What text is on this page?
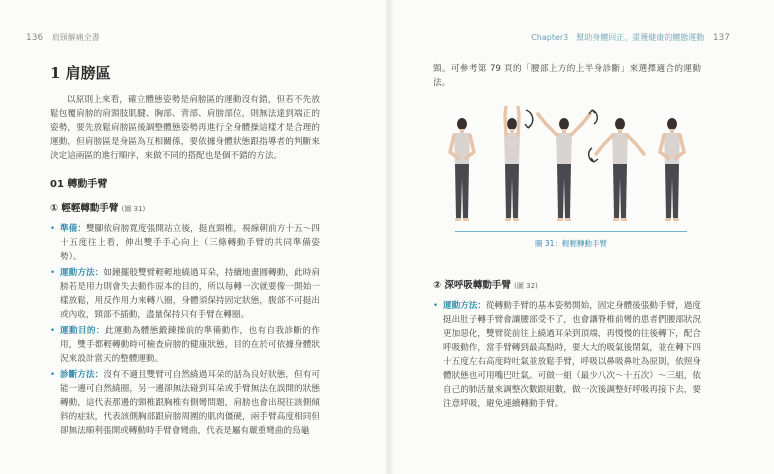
136 肩頸解痛全書	Chapter3　幫助身體回正、重獲健康的體態運動 137
1 肩膀區

以原則上來看，確立體態姿勢是肩膀區的運動沒有錯，但若不先放鬆包覆肩膀的肩頸肢肌腱、胸部、背部、肩膀部位，則無法達到端正的姿勢，要先放鬆肩膀區後調整體態姿勢再進行全身體操這樣才是合理的運動，但肩膀區是身區為互相關係，要依據身體狀態跟指導者的判斷來決定這兩區的進行順序，來做不同的搭配也是個不錯的方法。

01 轉動手臂
① 輕輕轉動手臂 (圖 31)
• 準備：雙腳依肩膀寬度張開站立後，挺直頸椎，視線朝前方十五～四十五度往上看，伸出雙手手心向上（三條轉動手臂的共同準備姿勢）。
• 運動方法：如鐘擺般雙臂輕輕地繞過耳朵，持續地畫圓轉動，此時肩膀若是用力則會失去動作原本的目的，所以每轉一次就要像一開始一樣放鬆，用反作用力來轉八圈，身體須保持固定狀態，腹部不可挺出或內收，頸部不插動，盡量保持只有手臂在轉圈。
• 運動目的：此運動為體態鍛鍊操前的準備動作，也有自我診斷的作用，雙手都輕轉動時可檢查肩膀的健康狀態，目的在於可依據身體狀況來設計當天的整體運動。
• 診斷方法：沒有不適且雙臂可自然繞過耳朵的話為良好狀態，但有可能一邊可自然繞圈，另一邊卻無法碰到耳朵或手臂無法在誤開的狀態轉動，這代表那邊的頸椎跟胸椎有側彎問題，肩膀也會出現往該側傾斜的症狀，代表該側胸部跟肩膀周圍的肌肉僵硬，兩手臂高度相同但卻無法順利張開或轉動時手臂會彎曲，代表是屬有嚴重彎曲的烏龜

頸。可參考第 79 頁的「腰部上方的上半身診斷」來選擇適合的運動法。

圖 31：輕輕轉動手臂
② 深呼吸轉動手臂 (圖 32)
• 運動方法：從轉動手臂的基本姿勢開始，固定身體後張動手臂，過度挺出肚子轉手臂會讓腰部受不了，也會讓脊椎前彎的患者們腰部狀況更加惡化，雙臂從前往上繞過耳朵到頂端，再慢慢的往後轉下，配合呼吸動作，當手臂轉到最高點時，要大大的吸氣後閉氣，並在轉下四十五度左右高度時吐氣並放鬆手臂，呼吸以鼻吸鼻吐為原則，依照身體狀態也可用嘴巴吐氣。可做一組（最少八次～十五次）～三組，依自己的肺活量來調整次數跟組數，做一次後調整好呼吸再接下去，要注意呼吸，避免連續轉動手臂。
